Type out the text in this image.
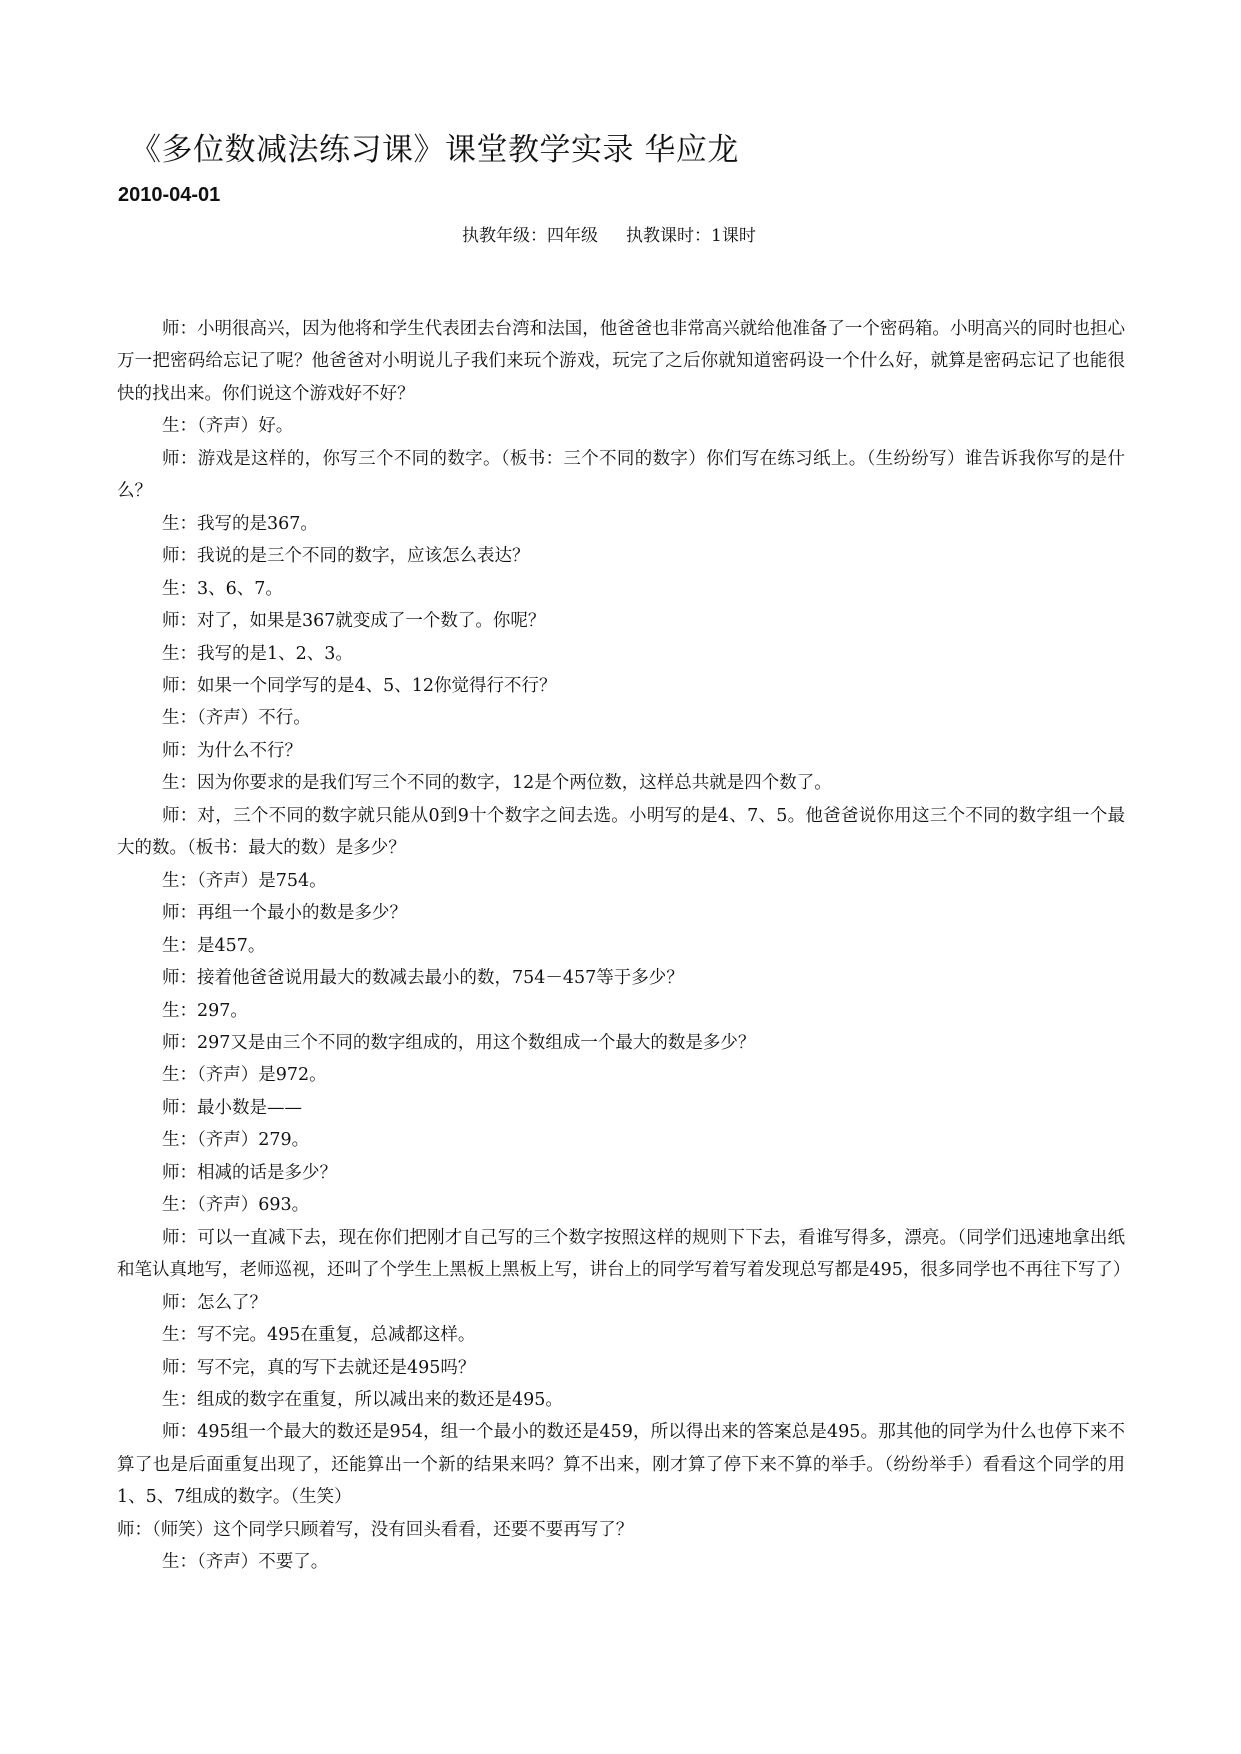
《多位数减法练习课》课堂教学实录 华应龙
2010-04-01
执教年级：四年级 执教课时：1课时

师：小明很高兴，因为他将和学生代表团去台湾和法国，他爸爸也非常高兴就给他准备了一个密码箱。小明高兴的同时也担心万一把密码给忘记了呢？他爸爸对小明说儿子我们来玩个游戏，玩完了之后你就知道密码设一个什么好，就算是密码忘记了也能很快的找出来。你们说这个游戏好不好？

生：（齐声）好。

师：游戏是这样的，你写三个不同的数字。（板书：三个不同的数字）你们写在练习纸上。（生纷纷写）谁告诉我你写的是什么？

生：我写的是367。

师：我说的是三个不同的数字，应该怎么表达？

生：3、6、7。

师：对了，如果是367就变成了一个数了。你呢？

生：我写的是1、2、3。

师：如果一个同学写的是4、5、12你觉得行不行？

生：（齐声）不行。

师：为什么不行？

生：因为你要求的是我们写三个不同的数字，12是个两位数，这样总共就是四个数了。

师：对，三个不同的数字就只能从0到9十个数字之间去选。小明写的是4、7、5。他爸爸说你用这三个不同的数字组一个最大的数。（板书：最大的数）是多少？

生：（齐声）是754。

师：再组一个最小的数是多少？

生：是457。

师：接着他爸爸说用最大的数减去最小的数，754－457等于多少？

生：297。

师：297又是由三个不同的数字组成的，用这个数组成一个最大的数是多少？

生：（齐声）是972。

师：最小数是——

生：（齐声）279。

师：相减的话是多少？

生：（齐声）693。

师：可以一直减下去，现在你们把刚才自己写的三个数字按照这样的规则下下去，看谁写得多，漂亮。（同学们迅速地拿出纸和笔认真地写，老师巡视，还叫了个学生上黑板上黑板上写，讲台上的同学写着写着发现总写都是495，很多同学也不再往下写了）

师：怎么了？

生：写不完。495在重复，总减都这样。

师：写不完，真的写下去就还是495吗？

生：组成的数字在重复，所以减出来的数还是495。

师：495组一个最大的数还是954，组一个最小的数还是459，所以得出来的答案总是495。那其他的同学为什么也停下来不算了也是后面重复出现了，还能算出一个新的结果来吗？算不出来，刚才算了停下来不算的举手。（纷纷举手）看看这个同学的用1、5、7组成的数字。（生笑）

师：（师笑）这个同学只顾着写，没有回头看看，还要不要再写了？

生：（齐声）不要了。
